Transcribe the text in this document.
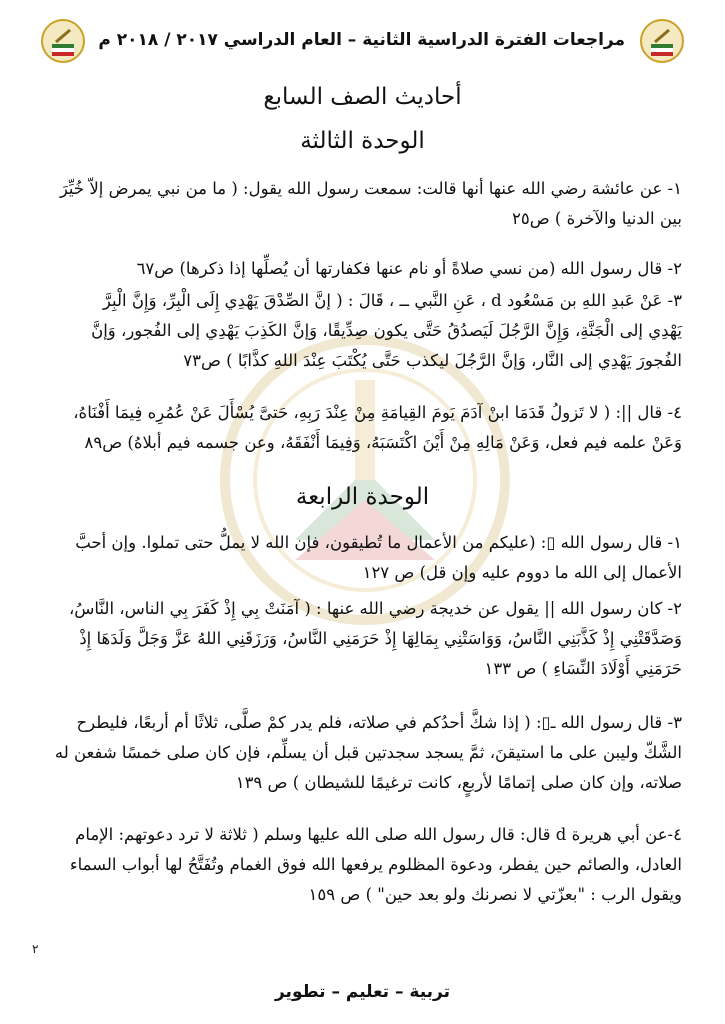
مراجعات الفترة الدراسية الثانية – العام الدراسي ٢٠١٧ / ٢٠١٨ م
أحاديث الصف السابع
الوحدة الثالثة

١- عن عائشة رضي الله عنها أنها قالت: سمعت رسول الله يقول: ( ما من نبي يمرض إلاّ خُيِّرَ

بين الدنيا والآخرة ) ص٢٥

٢- قال رسول الله (من نسي صلاةً أو نام عنها فكفارتها أن يُصلِّها إذا ذكرها) ص٦٧

٣- عَنْ عَبدِ اللهِ بن مَسْعُود d ، عَنِ النَّبي ــ ، قَالَ : ( إنَّ الصِّدْقَ يَهْدِي إِلَى الْبِرِّ، وَإِنَّ الْبِرَّ

يَهْدِي إلى الْجَنَّةِ، وَإِنَّ الرَّجُلَ لَيَصدُقُ حَتَّى يكون صِدِّيقًا، وَإنَّ الكَذِبَ يَهْدِي إلى الفُجور، وَإنَّ

الفُجورَ يَهْدِي إلى النَّار، وَإنَّ الرَّجُلَ ليكذب حَتَّى يُكْتَبَ عِنْدَ اللهِ كذَّابًا ) ص٧٣

٤- قال ||: ( لا تَزولُ قَدَمَا ابنْ آدَمَ يَومَ القِيامَةِ مِنْ عِنْدَ رَبِهِ، حَتىَّ يُسْأَلَ عَنْ عُمُرِه فِيمَا أَفْنَاهُ،

وَعَنْ علمه فيم فعل، وَعَنْ مَالِهِ مِنْ أَيْنَ اكْتَسَبَهُ، وَفِيمَا أَنْفَقَهُ، وعن جسمه فيم أبلاهُ) ص٨٩

الوحدة الرابعة

١- قال رسول الله ▯: (عليكم من الأعمال ما تُطيقون، فإن الله لا يملُّ حتى تملوا. وإن أحبَّ

الأعمال إلى الله ما دووم عليه وإن قل) ص ١٢٧

٢- كان رسول الله || يقول عن خديجة رضي الله عنها : ( آمَنَتْ بِي إِذْ كَفَرَ بِي الناس، النَّاسُ،

وَصَدَّقَتْنِي إِذْ كَذَّبَنِي النَّاسُ، وَوَاسَتْنِي بِمَالِهَا إِذْ حَرَمَنِي النَّاسُ، وَرَزَقَنِي اللهُ عَزَّ وَجَلَّ وَلَدَهَا إِذْ

حَرَمَنِي أَوْلَادَ النِّسَاءِ ) ص ١٣٣

٣- قال رسول الله ـ▯: ( إذا شكَّ أحدُكم في صلاته، فلم يدر كمْ صلَّى، ثلاثًا أم أربعًا، فليطرح

الشَّكّ وليبن على ما استيقنَ، ثمَّ يسجد سجدتين قبل أن يسلِّم، فإن كان صلى خمسًا شفعن له

صلاته، وإن كان صلى إتمامًا لأربعٍ، كانت ترغيمًا للشيطان ) ص ١٣٩

٤-عن أبي هريرة d قال: قال رسول الله صلى الله عليها وسلم ( ثلاثة لا ترد دعوتهم: الإمام

العادل، والصائم حين يفطر، ودعوة المظلوم يرفعها الله فوق الغمام وتُفَتَّحُ لها أبواب السماء

ويقول الرب : "بعزّتي لا نصرنك ولو بعد حين" ) ص ١٥٩

٢
تربية – تعليم – تطوير
